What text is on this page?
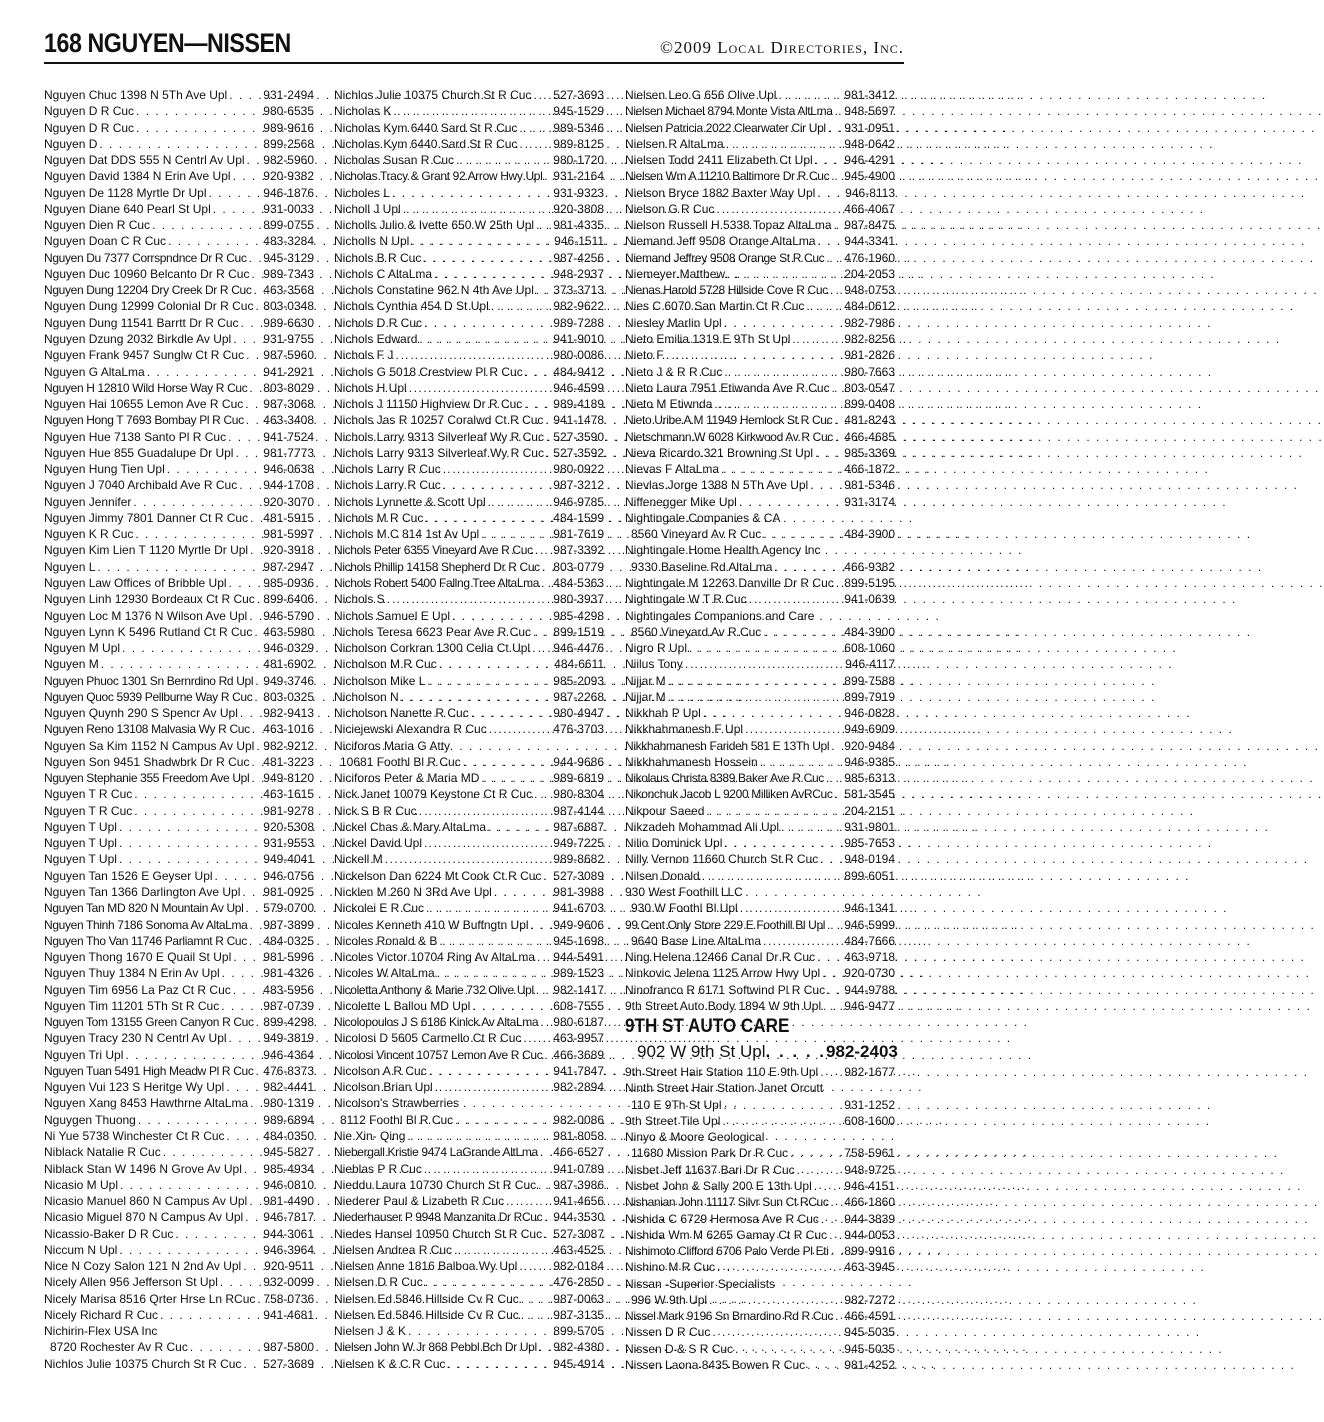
168 NGUYEN—NISSEN	©2009 Local Directories, Inc.
Nguyen Chuc 1398 N 5Th Ave Upl . . .	931-2494
Nguyen D R Cuc . . .	980-6535
Nguyen D R Cuc . . .	989-9616
Nguyen D . . .	899-2568
Nguyen Dat DDS 555 N Centrl Av Upl . . . 982-5960
Nguyen David 1384 N Erin Ave Upl . . .	920-9382
Nguyen De 1128 Myrtle Dr Upl . . .	946-1876
Nguyen Diane 640 Pearl St Upl . . .	931-0033
Nguyen Dien R Cuc . . .	899-0755
Nguyen Doan C R Cuc . . .	483-3284
Nguyen Du 7377 Corrspndnce Dr R Cuc . . . 945-3129
Nguyen Duc 10960 Belcanto Dr R Cuc . . . 989-7343
Nguyen Dung 12204 Dry Creek Dr R Cuc . . . 463-3568
Nguyen Dung 12999 Colonial Dr R Cuc . . . 803-0348
Nguyen Dung 11541 Barrtt Dr R Cuc . . . 989-6630
Nguyen Dzung 2032 Birkdle Av Upl . . .	931-9755
Nguyen Frank 9457 Sunglw Ct R Cuc . . . 987-5960
Nguyen G AltaLma . . .	941-2921
Nguyen H 12810 Wild Horse Way R Cuc . . . 803-8029
Nguyen Hai 10655 Lemon Ave R Cuc . . . 987-3068
Nguyen Hong T 7693 Bombay Pl R Cuc . . . 463-3408
Nguyen Hue 7138 Santo Pl R Cuc . . .	941-7524
Nguyen Hue 855 Guadalupe Dr Upl . . . 981-7773
Nguyen Hung Tien Upl . . .	946-0638
Nguyen J 7040 Archibald Ave R Cuc . . . 944-1708
Nguyen Jennifer . . .	920-3070
Nguyen Jimmy 7801 Danner Ct R Cuc . . . 481-5915
Nguyen K R Cuc . . .	981-5997
Nguyen Kim Lien T 1120 Myrtle Dr Upl . . . 920-3918
Nguyen L . . .	987-2947
Nguyen Law Offices of Bribble Upl . . .	985-0936
Nguyen Linh 12930 Bordeaux Ct R Cuc . . . 899-6406
Nguyen Loc M 1376 N Wilson Ave Upl . . . 946-5790
Nguyen Lynn K 5496 Rutland Ct R Cuc . . . 463-5980
Nguyen M Upl . . .	946-0329
Nguyen M . . .	481-6902
Nguyen Phuoc 1301 Sn Bernrdino Rd Upl . . . 949-3746
Nguyen Quoc 5939 Pellburne Way R Cuc . . . 803-0325
Nguyen Quynh 290 S Spencr Av Upl . . . 982-9413
Nguyen Reno 13108 Malvasia Wy R Cuc . . . 463-1016
Nguyen Sa Kim 1152 N Campus Av Upl . . . 982-9212
Nguyen Son 9451 Shadwbrk Dr R Cuc . . . 481-3223
Nguyen Stephanie 355 Freedom Ave Upl . . . 949-8120
Nguyen T R Cuc . . .	463-1615
Nguyen T R Cuc . . .	981-9278
Nguyen T Upl . . .	920-5308
Nguyen T Upl . . .	931-9553
Nguyen T Upl . . .	949-4041
Nguyen Tan 1526 E Geyser Upl . . .	946-0756
Nguyen Tan 1366 Darlington Ave Upl . . . 981-0925
Nguyen Tan MD 820 N Mountain Av Upl . . . 579-0700
Nguyen Thinh 7186 Sonoma Av AltaLma . . . 987-3899
Nguyen Tho Van 11746 Parliamnt R Cuc . . . 484-0325
Nguyen Thong 1670 E Quail St Upl . . .	981-5996
Nguyen Thuy 1384 N Erin Av Upl . . .	981-4326
Nguyen Tim 6956 La Paz Ct R Cuc . . .	483-5956
Nguyen Tim 11201 5Th St R Cuc . . .	987-0739
Nguyen Tom 13155 Green Canyon R Cuc . . . 899-4298
Nguyen Tracy 230 N Centrl Av Upl . . .	949-3819
Nguyen Tri Upl . . .	946-4364
Nguyen Tuan 5491 High Meadw Pl R Cuc . . . 476-8373
Nguyen Vui 123 S Heritge Wy Upl . . .	982-4441
Nguyen Xang 8453 Hawthrne AltaLma . . . 980-1319
Nguygen Thuong . . .	989-6894
Ni Yue 5738 Winchester Ct R Cuc . . .	484-0350
Niblack Natalie R Cuc . . .	945-5827
Niblack Stan W 1496 N Grove Av Upl . . . 985-4934
Nicasio M Upl . . .	946-0810
Nicasio Manuel 860 N Campus Av Upl . . . 981-4490
Nicasio Miguel 870 N Campus Av Upl . . . 946-7817
Nicassio-Baker D R Cuc . . .	944-3061
Niccum N Upl . . .	946-3964
Nice N Cozy Salon 121 N 2nd Av Upl . . . 920-9511
Nicely Allen 956 Jefferson St Upl . . .	932-0099
Nicely Marisa 8516 Qrter Hrse Ln RCuc . . . 758-0736
Nicely Richard R Cuc . . .	941-4681
Nichirin-Flex USA Inc
8720 Rochester Av R Cuc . . .	987-5800
Nichlos Julie 10375 Church St R Cuc . . . 527-3689
Nichlos Julie 10375 Church St R Cuc . . . 527-3693
Nicholas K . . .	945-1529
Nicholas Kym 6440 Sard St R Cuc . . .	989-5346
Nicholas Kym 6440 Sard St R Cuc . . .	989-8125
Nicholas Susan R Cuc . . .	980-1720
Nicholas Tracy & Grant 92 Arrow Hwy Upl . . . 931-2164
Nicholes L . . .	931-9323
Nicholl J Upl . . .	920-3808
Nicholls Julio & Ivette 650 W 25th Upl . . . 981-4335
Nicholls N Upl . . .	946-1511
Nichols B R Cuc . . .	987-4256
Nichols C AltaLma . . .	948-2937
Nichols Constatine 962 N 4th Ave Upl . . . 373-3713
Nichols Cynthia 454 D St Upl . . .	982-9622
Nichols D R Cuc . . .	989-7288
Nichols Edward . . .	941-9010
Nichols F J . . .	980-0086
Nichols G 5018 Crestview Pl R Cuc . . .	484-9412
Nichols H Upl . . .	946-4599
Nichols J 11150 Highview Dr R Cuc . . .	989-4189
Nichols Jas R 10257 Coralwd Ct R Cuc . . . 941-1478
Nichols Larry 9313 Silverleaf Wy R Cuc . . . 527-3590
Nichols Larry 9313 Silverleaf Wy R Cuc . . . 527-3592
Nichols Larry R Cuc . . .	980-0922
Nichols Larry R Cuc . . .	987-3212
Nichols Lynnette & Scott Upl . . .	946-9785
Nichols M R Cuc . . .	484-1599
Nichols M C 814 1st Av Upl . . .	981-7619
Nichols Peter 6355 Vineyard Ave R Cuc . . . 987-3392
Nichols Phillip 14158 Shepherd Dr R Cuc . . . 803-0779
Nichols Robert 5400 Fallng Tree AltaLma . . . 484-5363
Nichols S . . .	980-3937
Nichols Samuel E Upl . . .	985-4298
Nichols Teresa 6623 Pear Ave R Cuc . . . 899-1519
Nicholson Corkran 1300 Celia Ct Upl . . . 946-4476
Nicholson M R Cuc . . .	484-6611
Nicholson Mike L . . .	985-2093
Nicholson N . . .	987-2268
Nicholson Nanette R Cuc . . .	980-4947
Niciejewski Alexandra R Cuc . . .	476-3703
Niciforos Maria G Atty
10681 Foothl Bl R Cuc . . .	944-9686
Niciforos Peter & Maria MD . . .	989-6819
Nick Janet 10079 Keystone Ct R Cuc . . . 980-8304
Nick S B R Cuc . . .	987-4144
Nickel Chas & Mary AltaLma . . .	987-6887
Nickel David Upl . . .	949-7225
Nickell M . . .	989-8682
Nickelson Dan 6224 Mt Cook Ct R Cuc . . . 527-3089
Nicklen M 260 N 3Rd Ave Upl . . .	981-3988
Nickolei E R Cuc . . .	941-6703
Nicoles Kenneth 410 W Buffngtn Upl . . . 949-9606
Nicoles Ronald & B . . .	945-1698
Nicoles Victor 10704 Ring Av AltaLma . . . 944-5491
Nicoles W AltaLma . . .	989-1523
Nicoletta Anthony & Marie 732 Olive Upl . . . 982-1417
Nicolette L Ballou MD Upl . . .	608-7555
Nicolopoulos J S 6186 Kinlck Av AltaLma . . . 980-6187
Nicolosi D 5605 Carmello Ct R Cuc . . .	463-9957
Nicolosi Vincent 10757 Lemon Ave R Cuc . . . 466-3689
Nicolson A R Cuc . . .	941-7847
Nicolson Brian Upl . . .	982-2894
Nicolson's Strawberries
8112 Foothl Bl R Cuc . . .	982-0086
Nie Xin- Qing . . .	981-8058
Niebergall Kristie 9474 LaGrande AltLma . . . 466-6527
Nieblas P R Cuc . . .	941-0789
Nieddu Laura 10730 Church St R Cuc . . . 987-3986
Niederer Paul & Lizabeth R Cuc . . .	941-4656
Niederhauser P 9948 Manzanita Dr RCuc . . . 944-3530
Niedes Hansel 10950 Church St R Cuc . . . 527-3087
Nielsen Andrea R Cuc . . .	463-4525
Nielsen Anne 1816 Balboa Wy Upl . . .	982-0184
Nielsen D R Cuc . . .	476-2850
Nielsen Ed 5846 Hillside Cv R Cuc . . .	987-0063
Nielsen Ed 5846 Hillside Cv R Cuc . . .	987-3135
Nielsen J & K . . .	899-5705
Nielsen John W Jr 868 Pebbl Bch Dr Upl . . . 982-4380
Nielsen K & C R Cuc . . .	945-4914
Nielsen Leo G 656 Olive Upl . . .	981-3412
Nielsen Michael 8794 Monte Vista AltLma . . . 948-5697
Nielsen Patricia 2022 Clearwater Cir Upl . . . 931-0951
Nielsen R AltaLma . . .	948-0642
Nielsen Todd 2411 Elizabeth Ct Upl . . .	946-4291
Nielsen Wm A 11210 Baltimore Dr R Cuc . . . 945-4900
Nielson Bryce 1882 Baxter Way Upl . . . 946-8113
Nielson G R Cuc . . .	466-4067
Nielson Russell H 5338 Topaz AltaLma . . . 987-8475
Niemand Jeff 9508 Orange AltaLma . . . 944-3341
Niemand Jeffrey 9508 Orange St R Cuc . . . 476-1960
Niemeyer Matthew . . .	204-2053
Nienas Harold 5728 Hillside Cove R Cuc . . . 948-0753
Nies C 6070 San Martin Ct R Cuc . . .	484-0612
Niesley Marlin Upl . . .	982-7986
Nieto Emilia 1319 E 9Th St Upl . . .	982-8256
Nieto F . . .	981-2826
Nieto J & R R Cuc . . .	980-7663
Nieto Laura 7951 Etiwanda Ave R Cuc . . . 803-0547
Nieto M Etiwnda . . .	899-0408
Nieto Uribe A M 11949 Hemlock St R Cuc . . . 481-8243
Nietschmann W 6028 Kirkwood Av R Cuc . . . 466-4685
Nieva Ricardo 321 Browning St Upl . . .	985-3369
Nievas F AltaLma . . .	466-1872
Nievlas Jorge 1388 N 5Th Ave Upl . . .	981-5346
Niffenegger Mike Upl . . .	931-3174
Nightingale Companies & CA
8560 Vineyard Av R Cuc . . .	484-3900
Nightingale Home Health Agency Inc
9330 Baseline Rd AltaLma . . .	466-9382
Nightingale M 12263 Danville Dr R Cuc . . . 899-5195
Nightingale W T R Cuc . . .	941-0639
Nightingales Companions and Care
8560 Vineyard Av R Cuc . . .	484-3900
Nigro R Upl . . .	608-1060
Niilus Tony . . .	946-4117
Nijjar M . . .	899-7588
Nijjar M . . .	899-7919
Nikkhah P Upl . . .	946-0828
Nikkhahmanesh F Upl . . .	949-6909
Nikkhahmanesh Farideh 581 E 13Th Upl . . . 920-9484
Nikkhahmanesh Hossein . . .	946-9385
Nikolaus Christa 8389 Baker Ave R Cuc . . . 985-6313
Nikonchuk Jacob L 9200 Milliken AvRCuc . . . 581-3545
Nikpour Saeed . . .	204-2151
Nikzadeh Mohammad Ali Upl . . .	931-9801
Nilio Dominick Upl . . .	985-7653
Nilly Vernon 11660 Church St R Cuc . . . 948-0194
Nilsen Donald . . .	899-6051
930 West Foothill LLC
930 W Foothl Bl Upl . . .	946-1341
99 Cent Only Store 229 E Foothill Bl Upl . . . 946-5999
9640 Base Line AltaLma . . .	484-7666
Ning Helena 12466 Canal Dr R Cuc . . . 463-9718
Ninkovic Jelena 1125 Arrow Hwy Upl . . . 920-0730
Ninofranco R 6171 Softwind Pl R Cuc . . . 944-9788
9th Street Auto Body 1894 W 9th Upl . . . 946-9477
9TH ST AUTO CARE
902 W 9th St Upl . . . . . 982-2403
9th Street Hair Station 110 E 9th Upl . . . 982-1677
Ninth Street Hair Station Janet Orcutt
110 E 9Th St Upl . . .	931-1252
9th Street Tile Upl . . .	608-1600
Ninyo & Moore Geological
11680 Mission Park Dr R Cuc . . .	758-5961
Nisbet Jeff 11637 Bari Dr R Cuc . . .	948-9725
Nisbet John & Sally 200 E 13th Upl . . .	946-4151
Nishanian John 11117 Silvr Sun Ct RCuc . . . 466-1860
Nishida C 6729 Hermosa Ave R Cuc . . . 944-3839
Nishida Wm M 6265 Gamay Ct R Cuc . . . 944-0053
Nishimoto Clifford 6706 Palo Verde Pl Eti . . . 899-9916
Nishino M R Cuc . . .	463-3945
Nissan -Superior Specialists
996 W 9th Upl . . .	982-7272
Nissel Mark 9196 Sn Brnardino Rd R Cuc . . . 466-4591
Nissen D R Cuc . . .	945-5035
Nissen D & S R Cuc . . .	945-5035
Nissen Laona 8435 Bowen R Cuc . . .	981-4252
